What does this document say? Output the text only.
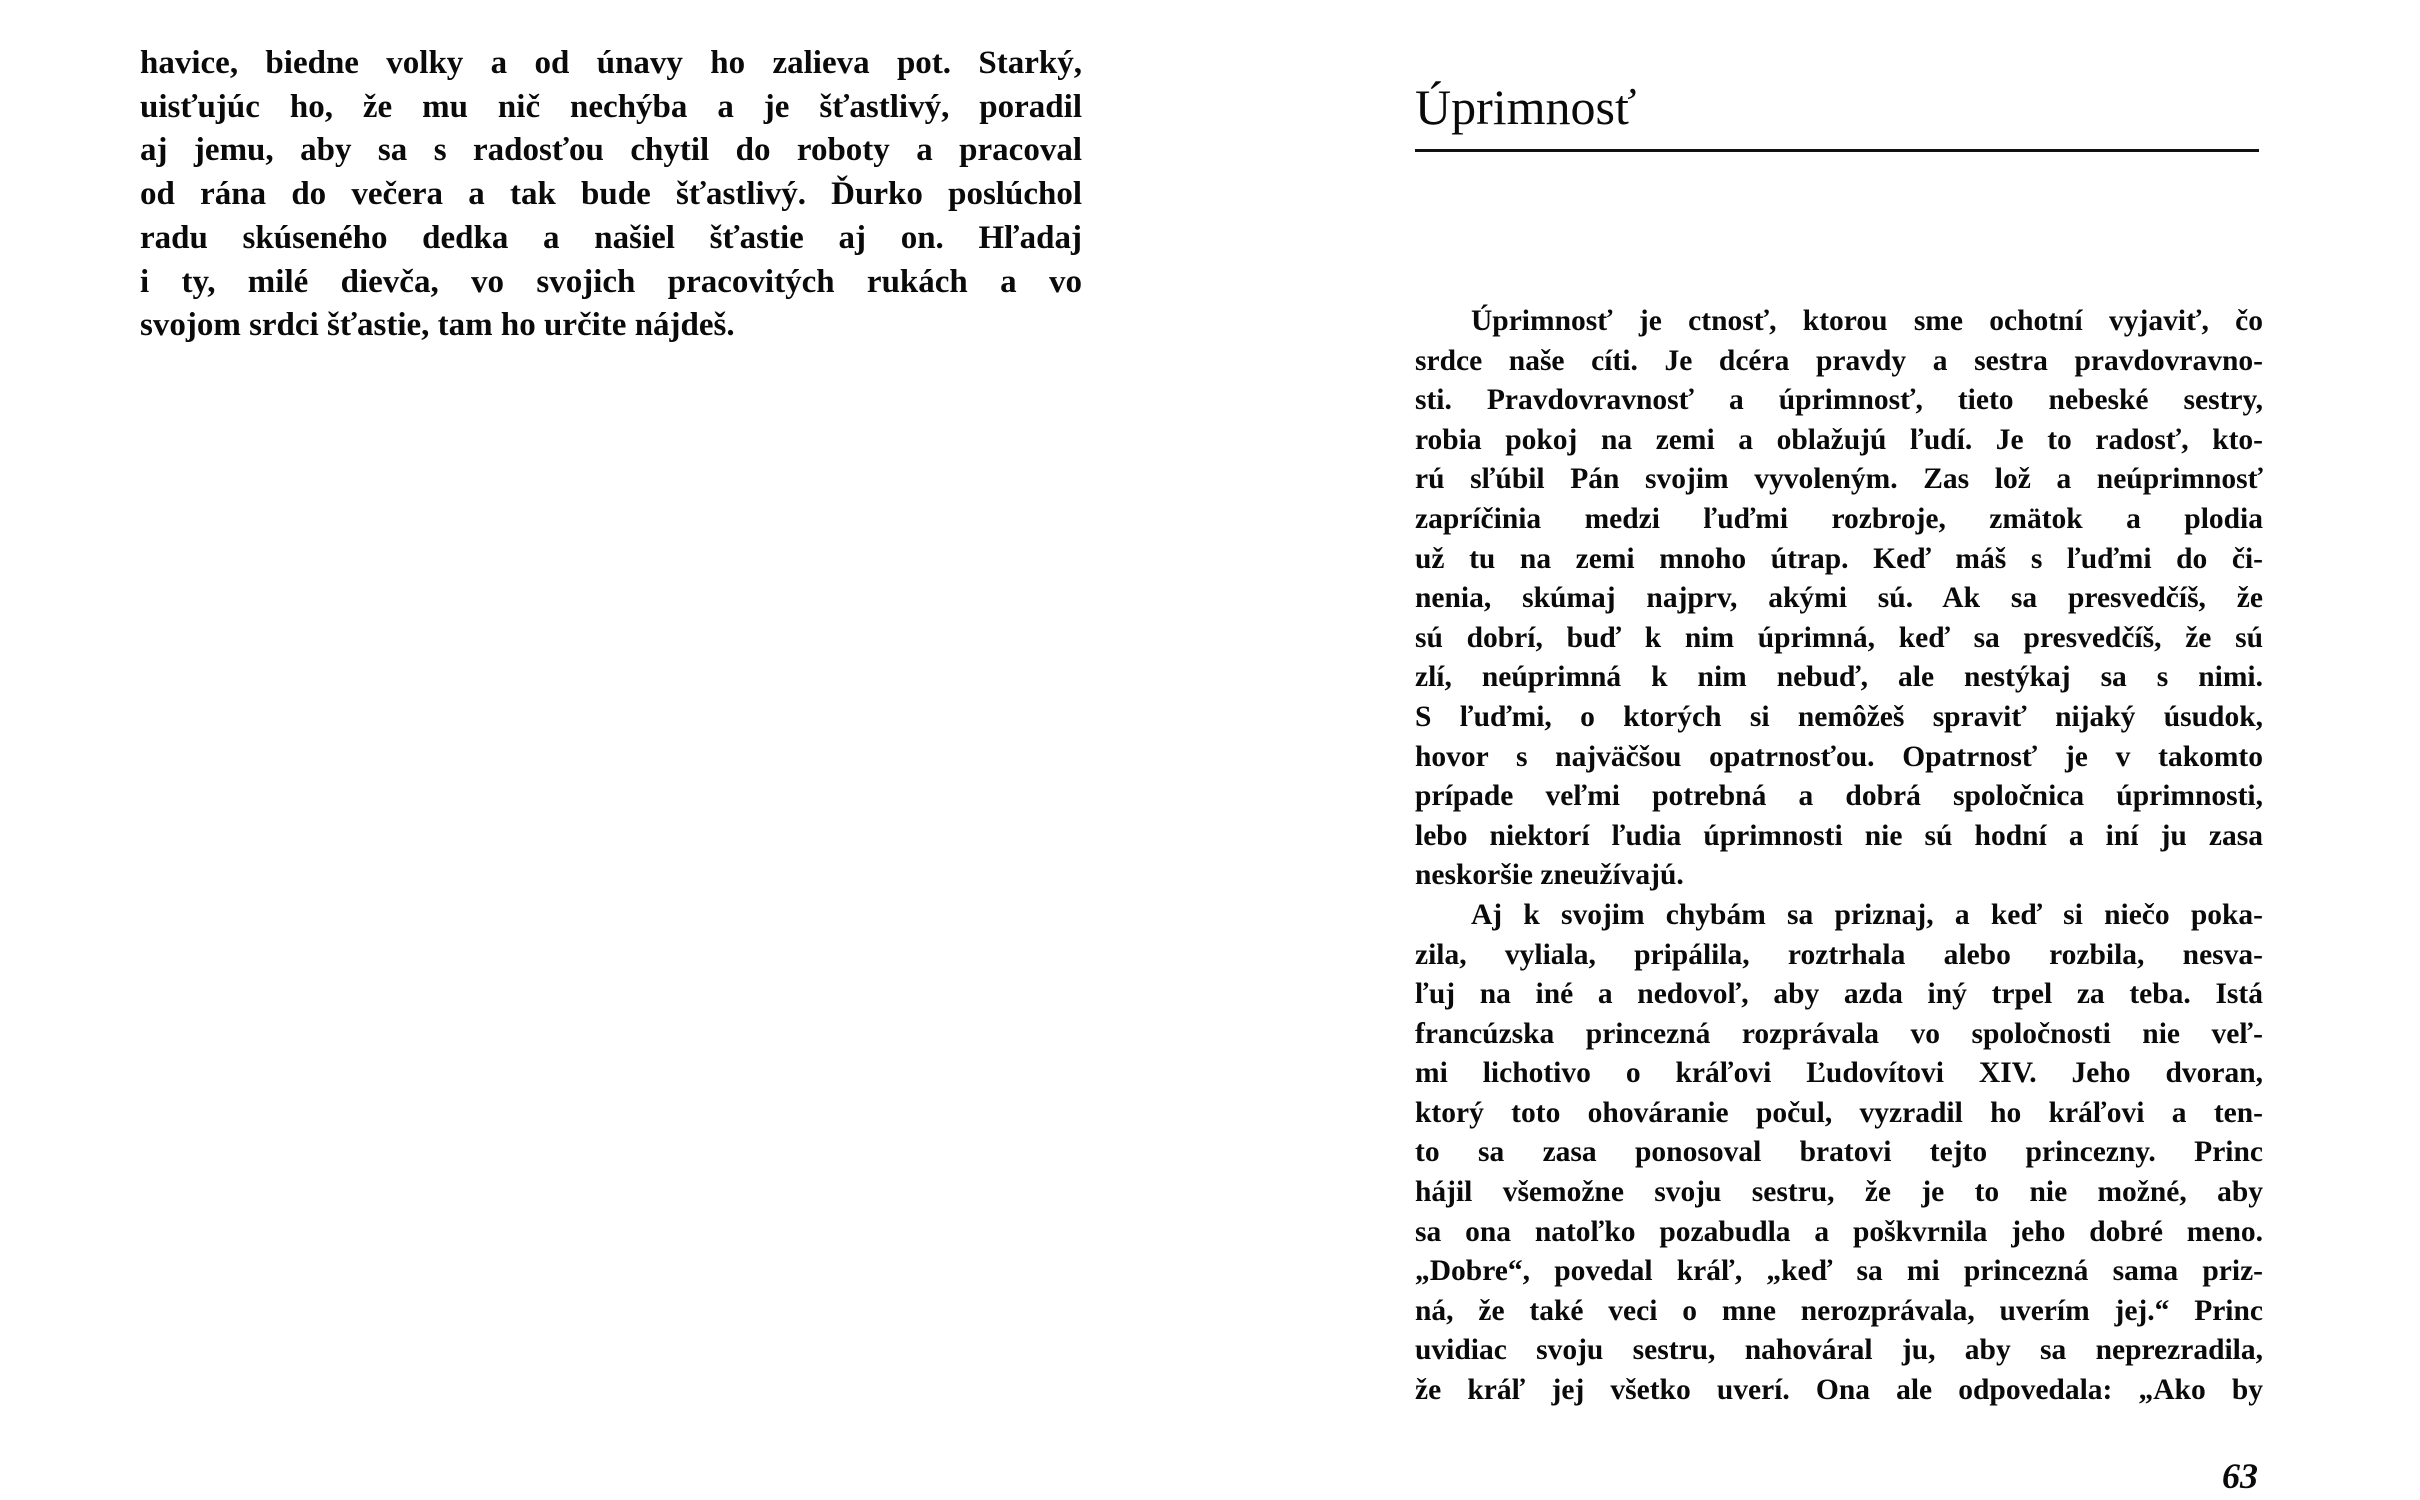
havice, biedne volky a od únavy ho zalieva pot. Starký,
uisťujúc ho, že mu nič nechýba a je šťastlivý, poradil
aj jemu, aby sa s radosťou chytil do roboty a pracoval
od rána do večera a tak bude šťastlivý. Ďurko poslúchol
radu skúseného dedka a našiel šťastie aj on. Hľadaj
i ty, milé dievča, vo svojich pracovitých rukách a vo
svojom srdci šťastie, tam ho určite nájdeš.
Úprimnosť
Úprimnosť je ctnosť, ktorou sme ochotní vyjaviť, čo
srdce naše cíti. Je dcéra pravdy a sestra pravdovravno-
sti. Pravdovravnosť a úprimnosť, tieto nebeské sestry,
robia pokoj na zemi a oblažujú ľudí. Je to radosť, kto-
rú sľúbil Pán svojim vyvoleným. Zas lož a neúprimnosť
zapríčinia medzi ľuďmi rozbroje, zmätok a plodia
už tu na zemi mnoho útrap. Keď máš s ľuďmi do či-
nenia, skúmaj najprv, akými sú. Ak sa presvedčíš, že
sú dobrí, buď k nim úprimná, keď sa presvedčíš, že sú
zlí, neúprimná k nim nebuď, ale nestýkaj sa s nimi.
S ľuďmi, o ktorých si nemôžeš spraviť nijaký úsudok,
hovor s najväčšou opatrnosťou. Opatrnosť je v takomto
prípade veľmi potrebná a dobrá spoločnica úprimnosti,
lebo niektorí ľudia úprimnosti nie sú hodní a iní ju zasa
neskoršie zneužívajú.
Aj k svojim chybám sa priznaj, a keď si niečo poka-
zila, vyliala, pripálila, roztrhala alebo rozbila, nesva-
ľuj na iné a nedovoľ, aby azda iný trpel za teba. Istá
francúzska princezná rozprávala vo spoločnosti nie veľ-
mi lichotivo o kráľovi Ľudovítovi XIV. Jeho dvoran,
ktorý toto ohováranie počul, vyzradil ho kráľovi a ten-
to sa zasa ponosoval bratovi tejto princezny. Princ
hájil všemožne svoju sestru, že je to nie možné, aby
sa ona natoľko pozabudla a poškvrnila jeho dobré meno.
„Dobre“, povedal kráľ, „keď sa mi princezná sama priz-
ná, že také veci o mne nerozprávala, uverím jej.“ Princ
uvidiac svoju sestru, nahováral ju, aby sa neprezradila,
že kráľ jej všetko uverí. Ona ale odpovedala: „Ako by
63
